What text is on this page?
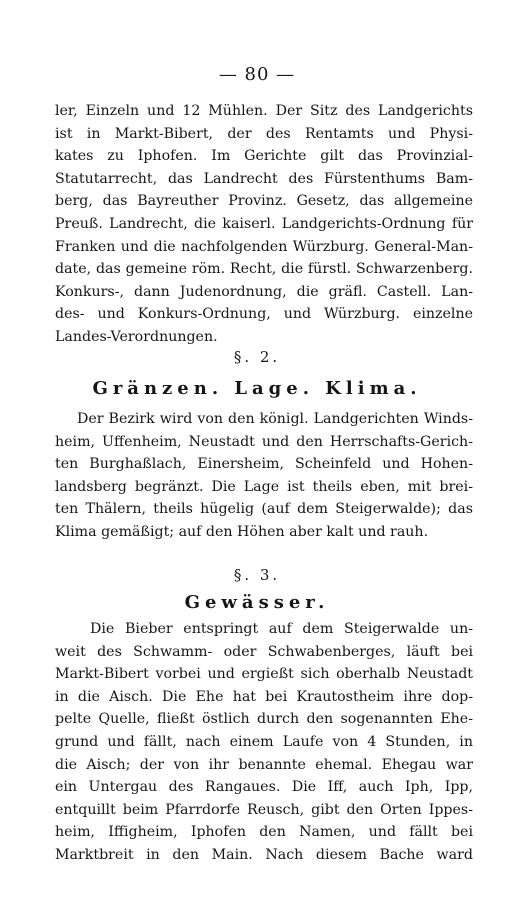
— 80 —
ler, Einzeln und 12 Mühlen. Der Sitz des Landgerichts
ist in Markt-Bibert, der des Rentamts und Physi-
kates zu Iphofen. Im Gerichte gilt das Provinzial-
Statutarrecht, das Landrecht des Fürstenthums Bam-
berg, das Bayreuther Provinz. Gesetz, das allgemeine
Preuß. Landrecht, die kaiserl. Landgerichts-Ordnung für
Franken und die nachfolgenden Würzburg. General-Man-
date, das gemeine röm. Recht, die fürstl. Schwarzenberg.
Konkurs-, dann Judenordnung, die gräfl. Castell. Lan-
des- und Konkurs-Ordnung, und Würzburg. einzelne
Landes-Verordnungen.
§. 2.
Gränzen. Lage. Klima.
Der Bezirk wird von den königl. Landgerichten Winds-
heim, Uffenheim, Neustadt und den Herrschafts-Gerich-
ten Burghaßlach, Einersheim, Scheinfeld und Hohen-
landsberg begränzt. Die Lage ist theils eben, mit brei-
ten Thälern, theils hügelig (auf dem Steigerwalde); das
Klima gemäßigt; auf den Höhen aber kalt und rauh.
§. 3.
Gewässer.
Die Bieber entspringt auf dem Steigerwalde un-
weit des Schwamm- oder Schwabenberges, läuft bei
Markt-Bibert vorbei und ergießt sich oberhalb Neustadt
in die Aisch. Die Ehe hat bei Krautostheim ihre dop-
pelte Quelle, fließt östlich durch den sogenannten Ehe-
grund und fällt, nach einem Laufe von 4 Stunden, in
die Aisch; der von ihr benannte ehemal. Ehegau war
ein Untergau des Rangaues. Die Iff, auch Iph, Ipp,
entquillt beim Pfarrdorfe Reusch, gibt den Orten Ippes-
heim, Iffigheim, Iphofen den Namen, und fällt bei
Marktbreit in den Main. Nach diesem Bache ward
